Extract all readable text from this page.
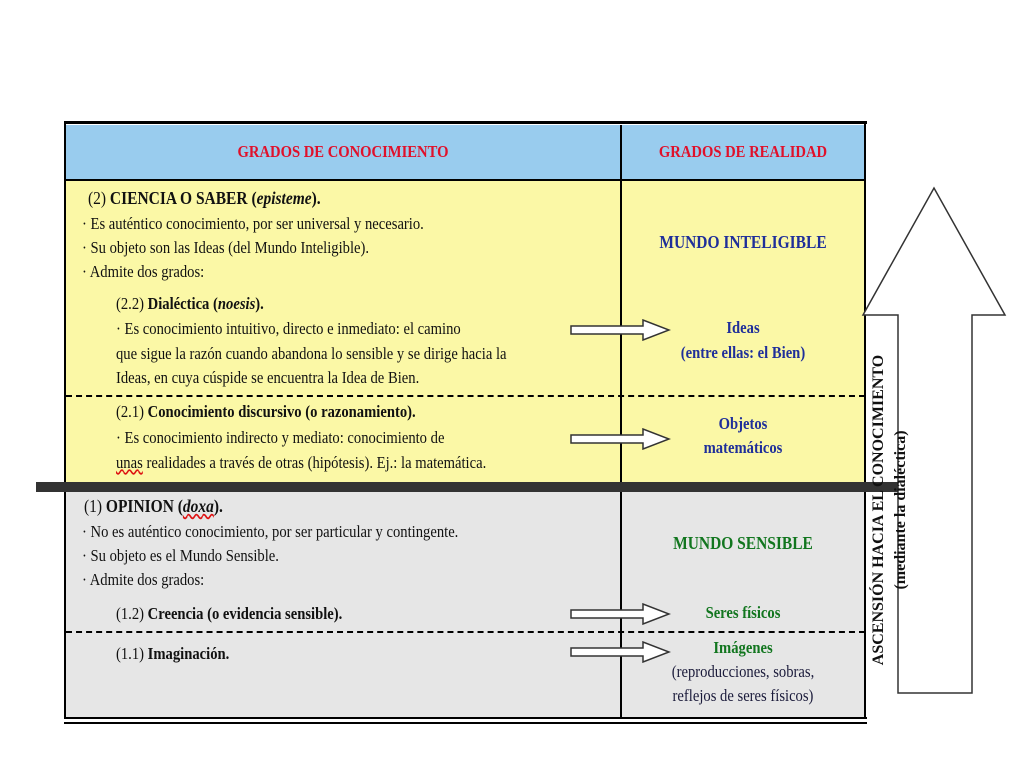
GRADOS DE CONOCIMIENTO	GRADOS DE REALIDAD
(2) CIENCIA O SABER (episteme).
· Es auténtico conocimiento, por ser universal y necesario.
· Su objeto son las Ideas (del Mundo Inteligible).
· Admite dos grados:
(2.2) Dialéctica (noesis).
· Es conocimiento intuitivo, directo e inmediato: el camino
que sigue la razón cuando abandona lo sensible y se dirige hacia la
Ideas, en cuya cúspide se encuentra la Idea de Bien.
(2.1) Conocimiento discursivo (o razonamiento).
· Es conocimiento indirecto y mediato: conocimiento de
unas realidades a través de otras (hipótesis). Ej.: la matemática.
(1) OPINION (doxa).
· No es auténtico conocimiento, por ser particular y contingente.
· Su objeto es el Mundo Sensible.
· Admite dos grados:
(1.2) Creencia (o evidencia sensible).
(1.1) Imaginación.
MUNDO INTELIGIBLE
Ideas
(entre ellas: el Bien)
Objetos
matemáticos
MUNDO SENSIBLE
Seres físicos
Imágenes
(reproducciones, sobras,
reflejos de seres físicos)
ASCENSIÓN HACIA EL CONOCIMIENTO (mediante la dialéctica)
